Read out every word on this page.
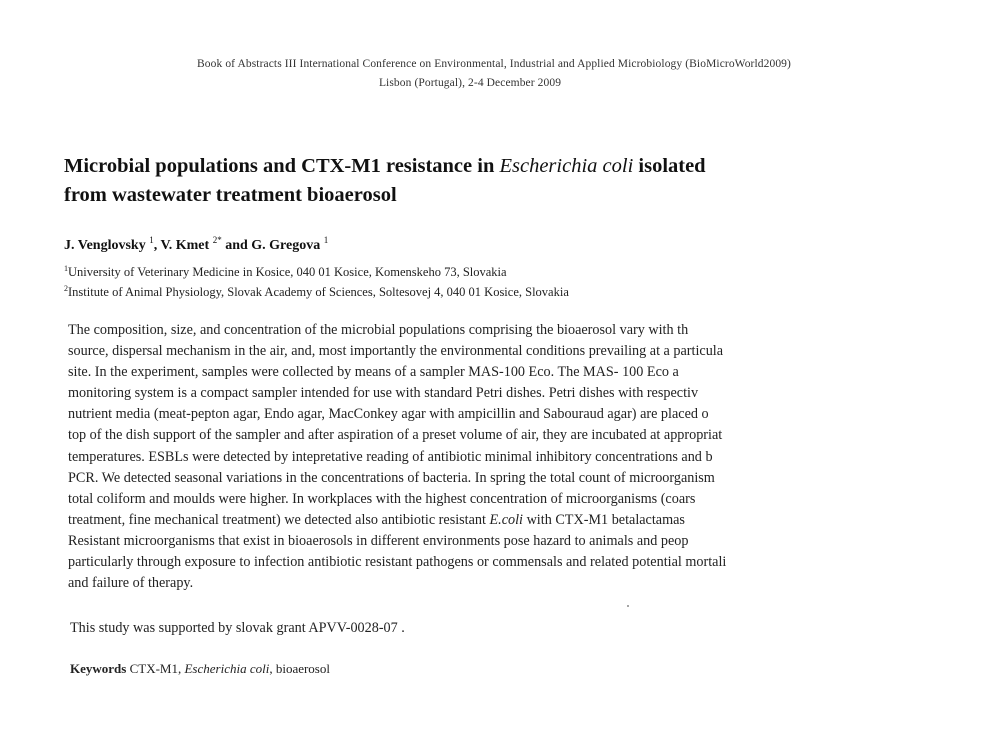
Book of Abstracts III International Conference on Environmental, Industrial and Applied Microbiology (BioMicroWorld2009)
Lisbon (Portugal), 2-4 December 2009
Microbial populations and CTX-M1 resistance in Escherichia coli isolated
from wastewater treatment bioaerosol
J. Venglovsky $^1$, V. Kmet $^{2*}$ and G. Gregova $^1$
$^1$University of Veterinary Medicine in Kosice, 040 01 Kosice, Komenskeho 73, Slovakia
$^2$Institute of Animal Physiology, Slovak Academy of Sciences, Soltesovej 4, 040 01 Kosice, Slovakia
The composition, size, and concentration of the microbial populations comprising the bioaerosol vary with th
source, dispersal mechanism in the air, and, most importantly the environmental conditions prevailing at a particula
site. In the experiment, samples were collected by means of a sampler MAS-100 Eco. The MAS- 100 Eco a
monitoring system is a compact sampler intended for use with standard Petri dishes. Petri dishes with respectiv
nutrient media (meat-pepton agar, Endo agar, MacConkey agar with ampicillin and Sabouraud agar) are placed o
top of the dish support of the sampler and after aspiration of a preset volume of air, they are incubated at appropriat
temperatures. ESBLs were detected by intepretative reading of antibiotic minimal inhibitory concentrations and b
PCR. We detected seasonal variations in the concentrations of bacteria. In spring the total count of microorganism
total coliform and moulds were higher. In workplaces with the highest concentration of microorganisms (coars
treatment, fine mechanical treatment) we detected also antibiotic resistant E.coli with CTX-M1 betalactamas
Resistant microorganisms that exist in bioaerosols in different environments pose hazard to animals and peop
particularly through exposure to infection antibiotic resistant pathogens or commensals and related potential mortali
and failure of therapy.
This study was supported by slovak grant APVV-0028-07 .
Keywords CTX-M1, Escherichia coli, bioaerosol
